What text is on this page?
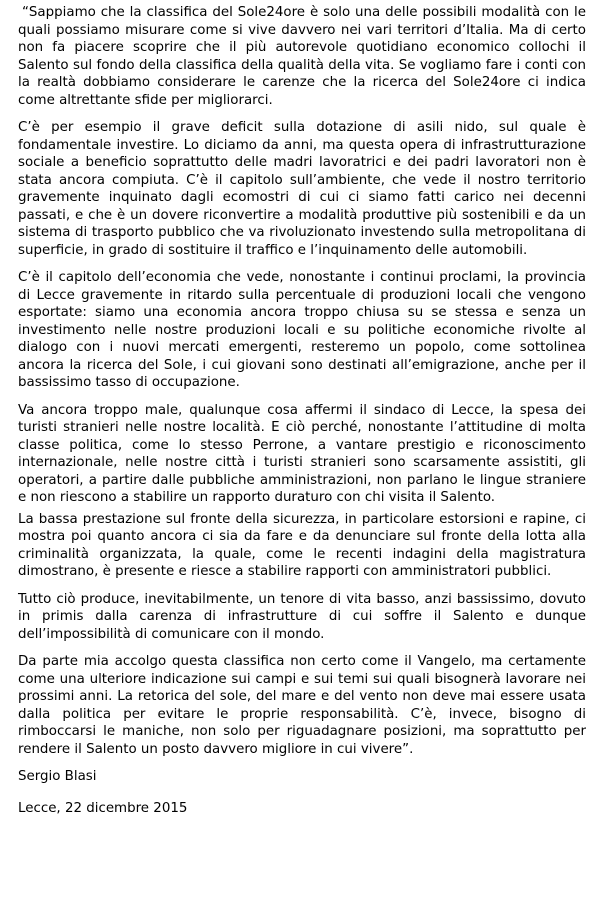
“Sappiamo che la classifica del Sole24ore è solo una delle possibili modalità con le quali possiamo misurare come si vive davvero nei vari territori d’Italia. Ma di certo non fa piacere scoprire che il più autorevole quotidiano economico collochi il Salento sul fondo della classifica della qualità della vita. Se vogliamo fare i conti con la realtà dobbiamo considerare le carenze che la ricerca del Sole24ore ci indica come altrettante sfide per migliorarci.

C’è per esempio il grave deficit sulla dotazione di asili nido, sul quale è fondamentale investire. Lo diciamo da anni, ma questa opera di infrastrutturazione sociale a beneficio soprattutto delle madri lavoratrici e dei padri lavoratori non è stata ancora compiuta. C’è il capitolo sull’ambiente, che vede il nostro territorio gravemente inquinato dagli ecomostri di cui ci siamo fatti carico nei decenni passati, e che è un dovere riconvertire a modalità produttive più sostenibili e da un sistema di trasporto pubblico che va rivoluzionato investendo sulla metropolitana di superficie, in grado di sostituire il traffico e l’inquinamento delle automobili.

C’è il capitolo dell’economia che vede, nonostante i continui proclami, la provincia di Lecce gravemente in ritardo sulla percentuale di produzioni locali che vengono esportate: siamo una economia ancora troppo chiusa su se stessa e senza un investimento nelle nostre produzioni locali e su politiche economiche rivolte al dialogo con i nuovi mercati emergenti, resteremo un popolo, come sottolinea ancora la ricerca del Sole, i cui giovani sono destinati all’emigrazione, anche per il bassissimo tasso di occupazione.

Va ancora troppo male, qualunque cosa affermi il sindaco di Lecce, la spesa dei turisti stranieri nelle nostre località. E ciò perché, nonostante l’attitudine di molta classe politica, come lo stesso Perrone, a vantare prestigio e riconoscimento internazionale, nelle nostre città i turisti stranieri sono scarsamente assistiti, gli operatori, a partire dalle pubbliche amministrazioni, non parlano le lingue straniere e non riescono a stabilire un rapporto duraturo con chi visita il Salento.

La bassa prestazione sul fronte della sicurezza, in particolare estorsioni e rapine, ci mostra poi quanto ancora ci sia da fare e da denunciare sul fronte della lotta alla criminalità organizzata, la quale, come le recenti indagini della magistratura dimostrano, è presente e riesce a stabilire rapporti con amministratori pubblici.

Tutto ciò produce, inevitabilmente, un tenore di vita basso, anzi bassissimo, dovuto in primis dalla carenza di infrastrutture di cui soffre il Salento e dunque dell’impossibilità di comunicare con il mondo.

Da parte mia accolgo questa classifica non certo come il Vangelo, ma certamente come una ulteriore indicazione sui campi e sui temi sui quali bisognerà lavorare nei prossimi anni. La retorica del sole, del mare e del vento non deve mai essere usata dalla politica per evitare le proprie responsabilità. C’è, invece, bisogno di rimboccarsi le maniche, non solo per riguadagnare posizioni, ma soprattutto per rendere il Salento un posto davvero migliore in cui vivere”.

Sergio Blasi

Lecce, 22 dicembre 2015
